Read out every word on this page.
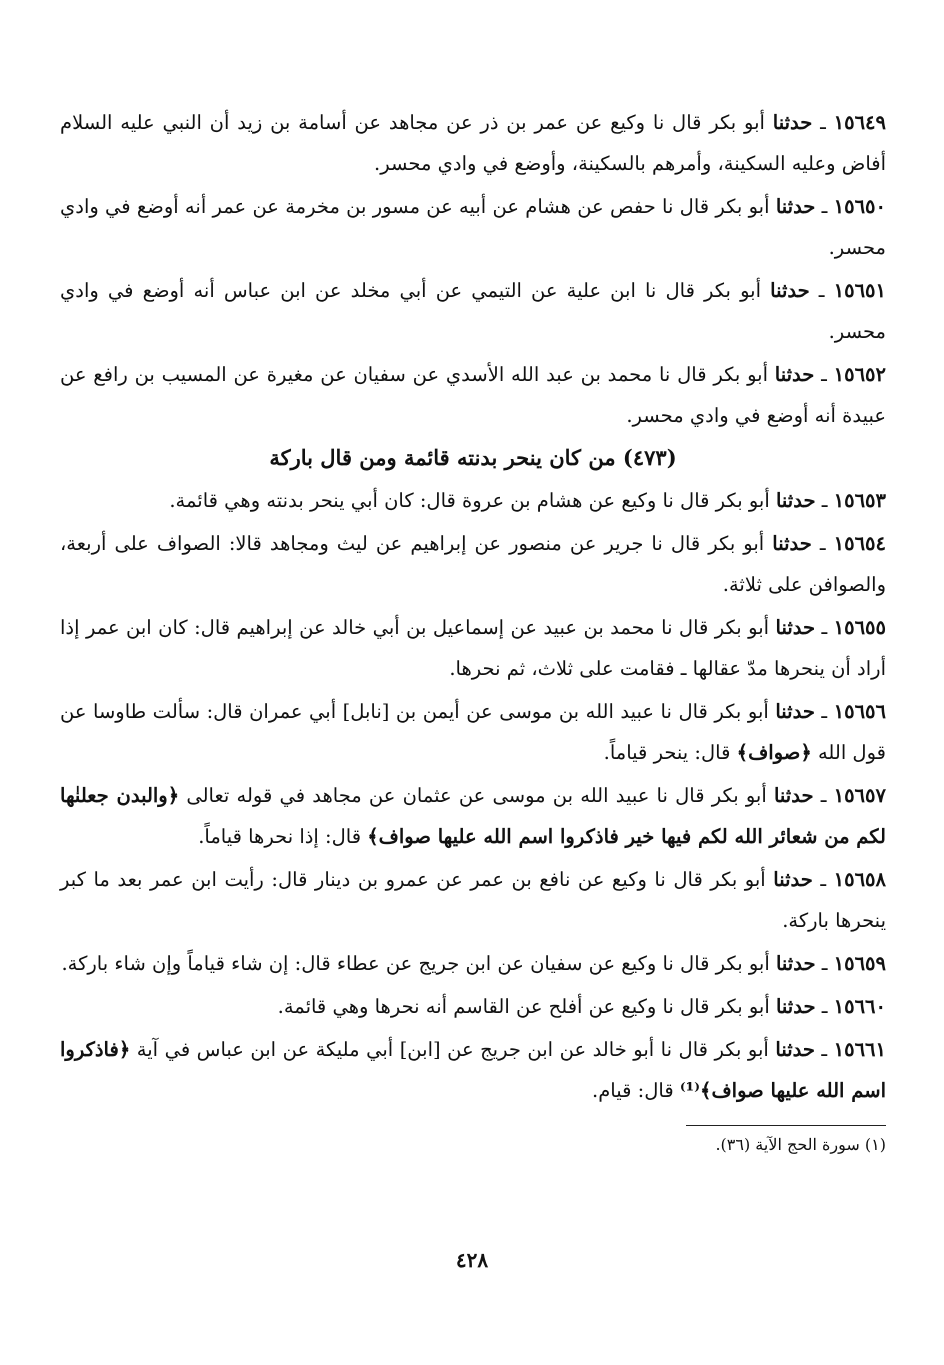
١٥٦٤٩ ـ حدثنا أبو بكر قال نا وكيع عن عمر بن ذر عن مجاهد عن أسامة بن زيد أن النبي عليه السلام أفاض وعليه السكينة، وأمرهم بالسكينة، وأوضع في وادي محسر.

١٥٦٥٠ ـ حدثنا أبو بكر قال نا حفص عن هشام عن أبيه عن مسور بن مخرمة عن عمر أنه أوضع في وادي محسر.

١٥٦٥١ ـ حدثنا أبو بكر قال نا ابن علية عن التيمي عن أبي مخلد عن ابن عباس أنه أوضع في وادي محسر.

١٥٦٥٢ ـ حدثنا أبو بكر قال نا محمد بن عبد الله الأسدي عن سفيان عن مغيرة عن المسيب بن رافع عن عبيدة أنه أوضع في وادي محسر.

(٤٧٣) من كان ينحر بدنته قائمة ومن قال باركة

١٥٦٥٣ ـ حدثنا أبو بكر قال نا وكيع عن هشام بن عروة قال: كان أبي ينحر بدنته وهي قائمة.

١٥٦٥٤ ـ حدثنا أبو بكر قال نا جرير عن منصور عن إبراهيم عن ليث ومجاهد قالا: الصواف على أربعة، والصوافن على ثلاثة.

١٥٦٥٥ ـ حدثنا أبو بكر قال نا محمد بن عبيد عن إسماعيل بن أبي خالد عن إبراهيم قال: كان ابن عمر إذا أراد أن ينحرها مدّ عقالها ـ فقامت على ثلاث، ثم نحرها.

١٥٦٥٦ ـ حدثنا أبو بكر قال نا عبيد الله بن موسى عن أيمن بن [نابل] أبي عمران قال: سألت طاوسا عن قول الله ﴿صواف﴾ قال: ينحر قياماً.

١٥٦٥٧ ـ حدثنا أبو بكر قال نا عبيد الله بن موسى عن عثمان عن مجاهد في قوله تعالى ﴿والبدن جعلنٰها لكم من شعائر الله لكم فيها خير فاذكروا اسم الله عليها صواف﴾ قال: إذا نحرها قياماً.

١٥٦٥٨ ـ حدثنا أبو بكر قال نا وكيع عن نافع بن عمر عن عمرو بن دينار قال: رأيت ابن عمر بعد ما كبر ينحرها باركة.

١٥٦٥٩ ـ حدثنا أبو بكر قال نا وكيع عن سفيان عن ابن جريج عن عطاء قال: إن شاء قياماً وإن شاء باركة.

١٥٦٦٠ ـ حدثنا أبو بكر قال نا وكيع عن أفلح عن القاسم أنه نحرها وهي قائمة.

١٥٦٦١ ـ حدثنا أبو بكر قال نا أبو خالد عن ابن جريج عن [ابن] أبي مليكة عن ابن عباس في آية ﴿فاذكروا اسم الله عليها صواف﴾⁽¹⁾ قال: قيام.

(١) سورة الحج الآية (٣٦).
٤٢٨
